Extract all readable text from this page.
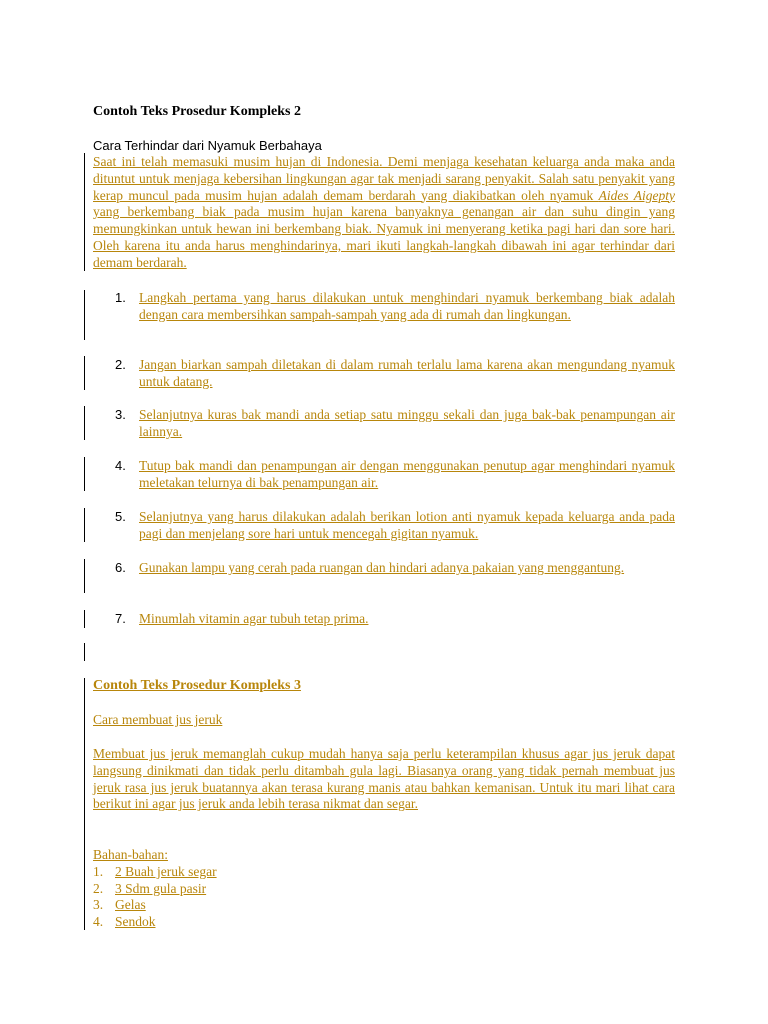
Contoh Teks Prosedur Kompleks 2
Cara Terhindar dari Nyamuk Berbahaya
Saat ini telah memasuki musim hujan di Indonesia. Demi menjaga kesehatan keluarga anda maka anda dituntut untuk menjaga kebersihan lingkungan agar tak menjadi sarang penyakit. Salah satu penyakit yang kerap muncul pada musim hujan adalah demam berdarah yang diakibatkan oleh nyamuk Aides Aigepty yang berkembang biak pada musim hujan karena banyaknya genangan air dan suhu dingin yang memungkinkan untuk hewan ini berkembang biak. Nyamuk ini menyerang ketika pagi hari dan sore hari. Oleh karena itu anda harus menghindarinya, mari ikuti langkah-langkah dibawah ini agar terhindar dari demam berdarah.
1. Langkah pertama yang harus dilakukan untuk menghindari nyamuk berkembang biak adalah dengan cara membersihkan sampah-sampah yang ada di rumah dan lingkungan.
2. Jangan biarkan sampah diletakan di dalam rumah terlalu lama karena akan mengundang nyamuk untuk datang.
3. Selanjutnya kuras bak mandi anda setiap satu minggu sekali dan juga bak-bak penampungan air lainnya.
4. Tutup bak mandi dan penampungan air dengan menggunakan penutup agar menghindari nyamuk meletakan telurnya di bak penampungan air.
5. Selanjutnya yang harus dilakukan adalah berikan lotion anti nyamuk kepada keluarga anda pada pagi dan menjelang sore hari untuk mencegah gigitan nyamuk.
6. Gunakan lampu yang cerah pada ruangan dan hindari adanya pakaian yang menggantung.
7. Minumlah vitamin agar tubuh tetap prima.
Contoh Teks Prosedur Kompleks 3
Cara membuat jus jeruk
Membuat jus jeruk memanglah cukup mudah hanya saja perlu keterampilan khusus agar jus jeruk dapat langsung dinikmati dan tidak perlu ditambah gula lagi. Biasanya orang yang tidak pernah membuat jus jeruk rasa jus jeruk buatannya akan terasa kurang manis atau bahkan kemanisan. Untuk itu mari lihat cara berikut ini agar jus jeruk anda lebih terasa nikmat dan segar.
Bahan-bahan:
1. 2 Buah jeruk segar
2. 3 Sdm gula pasir
3. Gelas
4. Sendok
